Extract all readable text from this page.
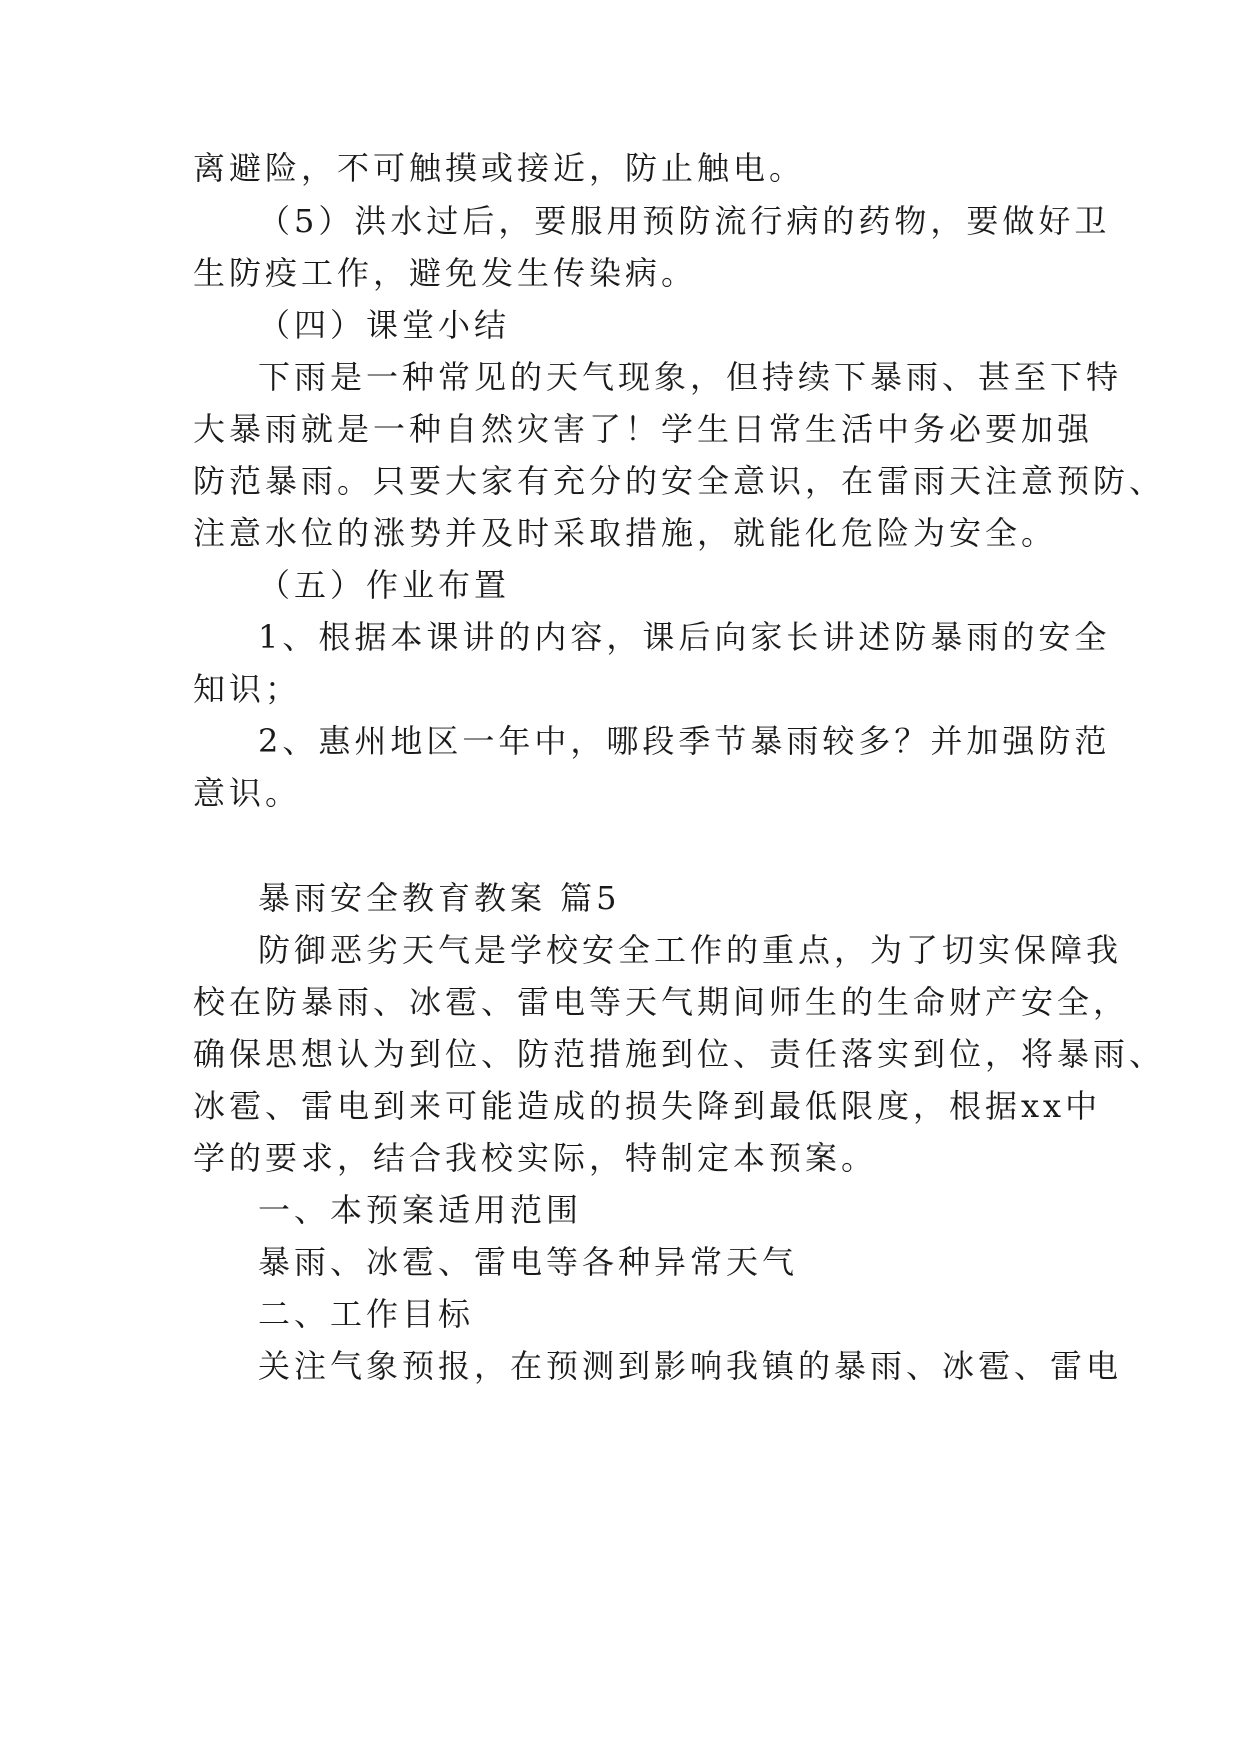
离避险，不可触摸或接近，防止触电。
（5）洪水过后，要服用预防流行病的药物，要做好卫
生防疫工作，避免发生传染病。
（四）课堂小结
下雨是一种常见的天气现象，但持续下暴雨、甚至下特
大暴雨就是一种自然灾害了！学生日常生活中务必要加强
防范暴雨。只要大家有充分的安全意识，在雷雨天注意预防、
注意水位的涨势并及时采取措施，就能化危险为安全。
（五）作业布置
1、根据本课讲的内容，课后向家长讲述防暴雨的安全
知识；
2、惠州地区一年中，哪段季节暴雨较多？并加强防范
意识。
暴雨安全教育教案 篇5
防御恶劣天气是学校安全工作的重点，为了切实保障我
校在防暴雨、冰雹、雷电等天气期间师生的生命财产安全，
确保思想认为到位、防范措施到位、责任落实到位，将暴雨、
冰雹、雷电到来可能造成的损失降到最低限度，根据xx中
学的要求，结合我校实际，特制定本预案。
一、本预案适用范围
暴雨、冰雹、雷电等各种异常天气
二、工作目标
关注气象预报，在预测到影响我镇的暴雨、冰雹、雷电
